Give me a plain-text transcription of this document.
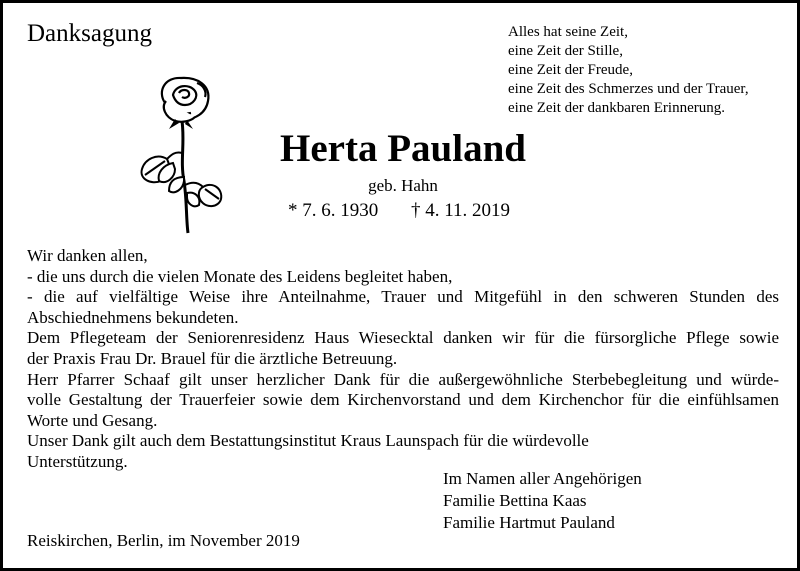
Danksagung	Alles hat seine Zeit,
eine Zeit der Stille,
eine Zeit der Freude,
eine Zeit des Schmerzes und der Trauer,
eine Zeit der dankbaren Erinnerung.
Herta Pauland
geb. Hahn
* 7. 6. 1930 † 4. 11. 2019
Wir danken allen,
- die uns durch die vielen Monate des Leidens begleitet haben,
- die auf vielfältige Weise ihre Anteilnahme, Trauer und Mitgefühl in den schweren Stunden des
Abschiednehmens bekundeten.
Dem Pflegeteam der Seniorenresidenz Haus Wiesecktal danken wir für die fürsorgliche Pflege sowie
der Praxis Frau Dr. Brauel für die ärztliche Betreuung.
Herr Pfarrer Schaaf gilt unser herzlicher Dank für die außergewöhnliche Sterbebegleitung und würde-
volle Gestaltung der Trauerfeier sowie dem Kirchenvorstand und dem Kirchenchor für die einfühlsamen
Worte und Gesang.
Unser Dank gilt auch dem Bestattungsinstitut Kraus Launspach für die würdevolle
Unterstützung.
Im Namen aller Angehörigen
Familie Bettina Kaas
Familie Hartmut Pauland
Reiskirchen, Berlin, im November 2019
